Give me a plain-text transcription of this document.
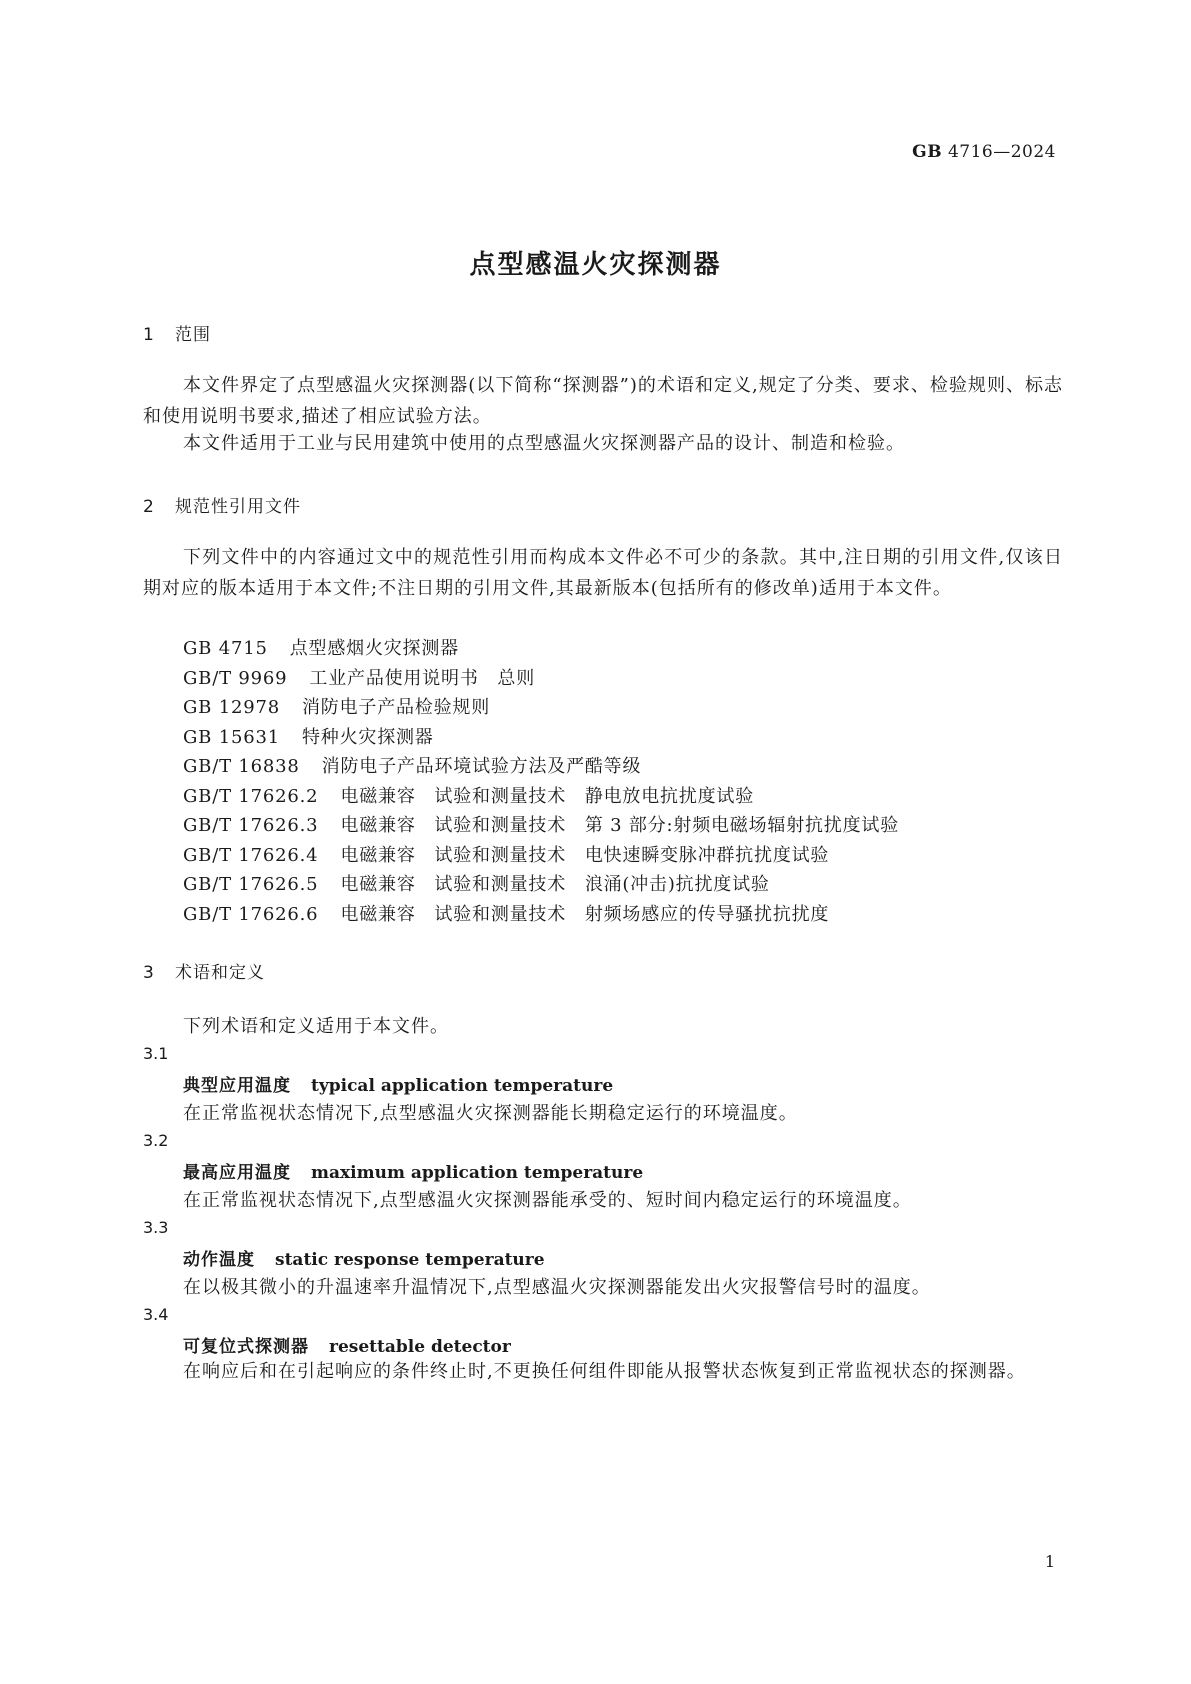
GB 4716—2024
点型感温火灾探测器
1 范围
本文件界定了点型感温火灾探测器(以下简称“探测器”)的术语和定义,规定了分类、要求、检验规则、标志和使用说明书要求,描述了相应试验方法。
本文件适用于工业与民用建筑中使用的点型感温火灾探测器产品的设计、制造和检验。
2 规范性引用文件
下列文件中的内容通过文中的规范性引用而构成本文件必不可少的条款。其中,注日期的引用文件,仅该日期对应的版本适用于本文件;不注日期的引用文件,其最新版本(包括所有的修改单)适用于本文件。
GB 4715 点型感烟火灾探测器
GB/T 9969 工业产品使用说明书　总则
GB 12978 消防电子产品检验规则
GB 15631 特种火灾探测器
GB/T 16838 消防电子产品环境试验方法及严酷等级
GB/T 17626.2 电磁兼容　试验和测量技术　静电放电抗扰度试验
GB/T 17626.3 电磁兼容　试验和测量技术　第 3 部分:射频电磁场辐射抗扰度试验
GB/T 17626.4 电磁兼容　试验和测量技术　电快速瞬变脉冲群抗扰度试验
GB/T 17626.5 电磁兼容　试验和测量技术　浪涌(冲击)抗扰度试验
GB/T 17626.6 电磁兼容　试验和测量技术　射频场感应的传导骚扰抗扰度
3 术语和定义
下列术语和定义适用于本文件。
3.1
典型应用温度 typical application temperature
在正常监视状态情况下,点型感温火灾探测器能长期稳定运行的环境温度。
3.2
最高应用温度 maximum application temperature
在正常监视状态情况下,点型感温火灾探测器能承受的、短时间内稳定运行的环境温度。
3.3
动作温度 static response temperature
在以极其微小的升温速率升温情况下,点型感温火灾探测器能发出火灾报警信号时的温度。
3.4
可复位式探测器 resettable detector
在响应后和在引起响应的条件终止时,不更换任何组件即能从报警状态恢复到正常监视状态的探测器。
1
